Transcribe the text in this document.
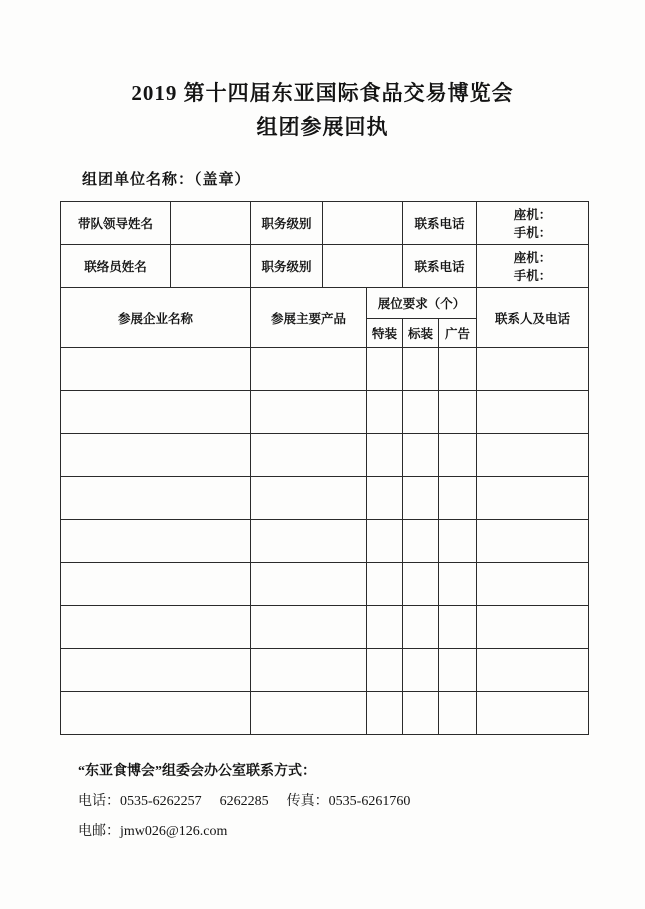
2019 第十四届东亚国际食品交易博览会
组团参展回执
组团单位名称：（盖章）
带队领导姓名		职务级别			联系电话		座机：
手机：

联络员姓名		职务级别			联系电话		座机：
手机：

参展企业名称		参展主要产品		展位要求（个）			联系人及电话
				特装	标装	广告	

“东亚食博会”组委会办公室联系方式：
电话：0535-6262257 6262285 传真：0535-6261760
电邮：jmw026@126.com
